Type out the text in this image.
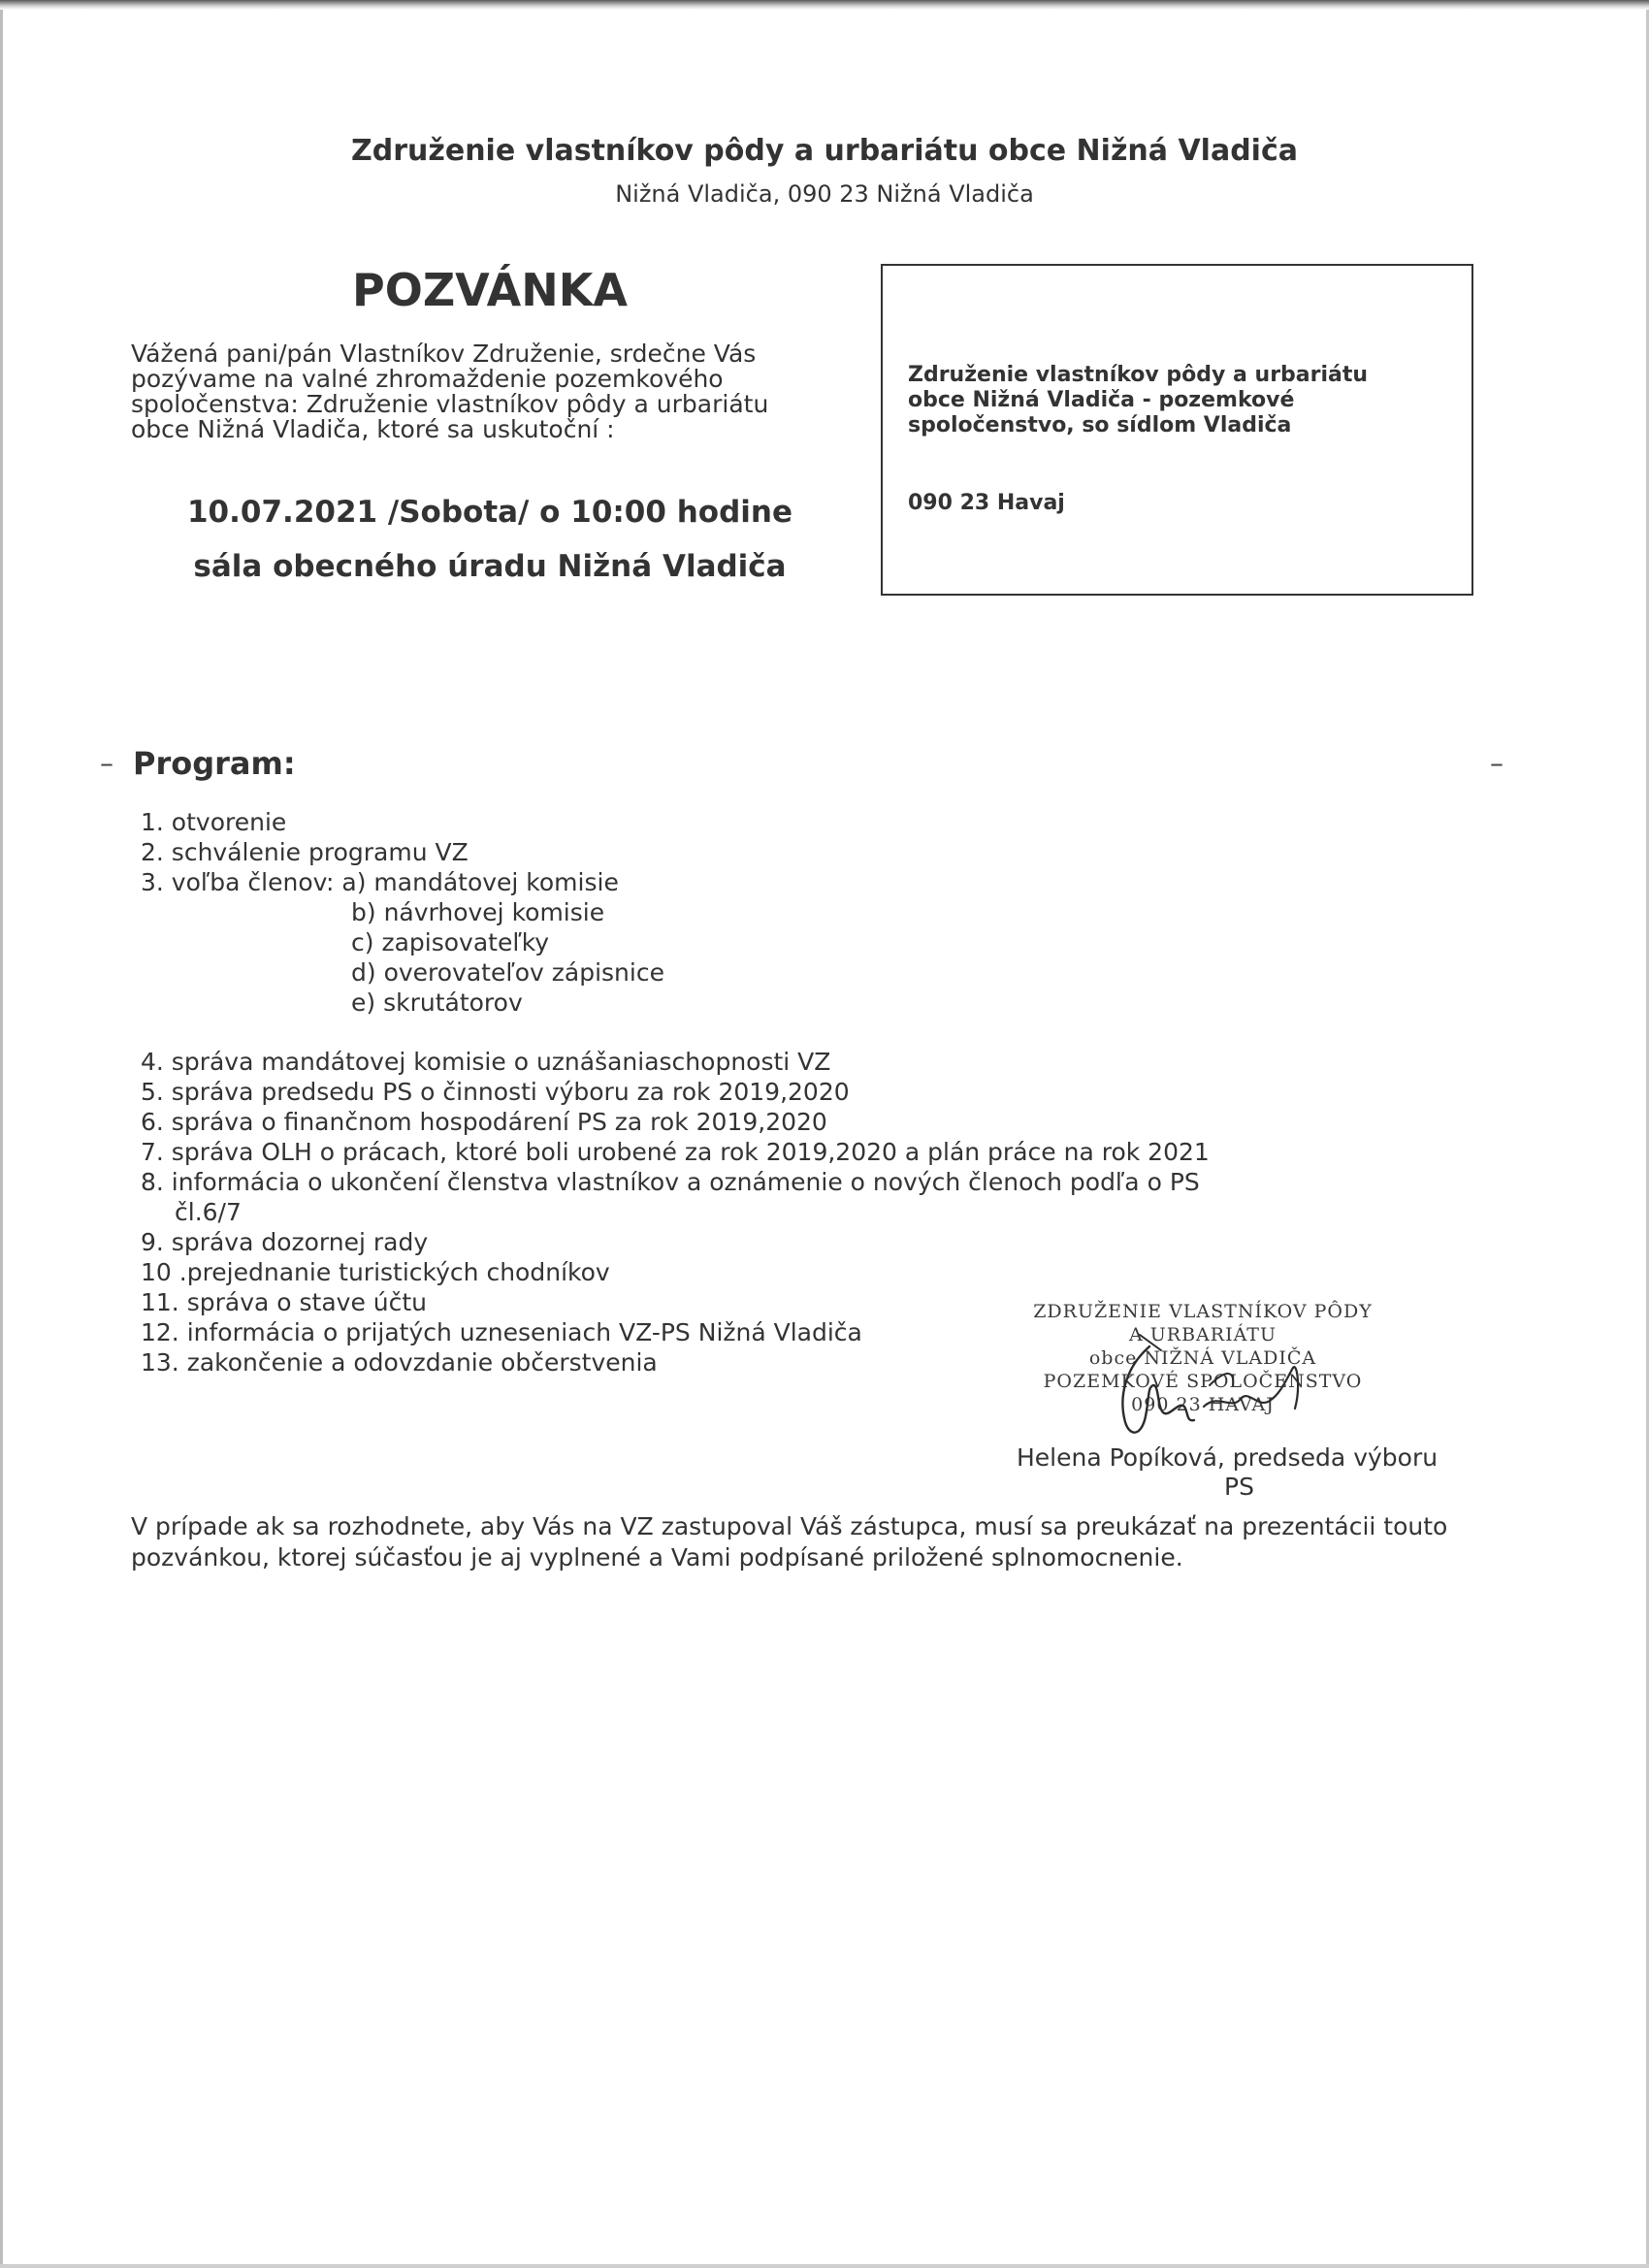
Združenie vlastníkov pôdy a urbariátu obce Nižná Vladiča
Nižná Vladiča, 090 23 Nižná Vladiča
POZVÁNKA
Vážená pani/pán Vlastníkov Združenie, srdečne Vás
pozývame na valné zhromaždenie pozemkového
spoločenstva: Združenie vlastníkov pôdy a urbariátu
obce Nižná Vladiča, ktoré sa uskutoční :
10.07.2021 /Sobota/ o 10:00 hodine
sála obecného úradu Nižná Vladiča
Združenie vlastníkov pôdy a urbariátu
obce Nižná Vladiča - pozemkové
spoločenstvo, so sídlom Vladiča
090 23 Havaj
–	–
Program:
1. otvorenie
2. schválenie programu VZ
3. voľba členov: a) mandátovej komisie
b) návrhovej komisie
c) zapisovateľky
d) overovateľov zápisnice
e) skrutátorov
4. správa mandátovej komisie o uznášaniaschopnosti VZ
5. správa predsedu PS o činnosti výboru za rok 2019,2020
6. správa o finančnom hospodárení PS za rok 2019,2020
7. správa OLH o prácach, ktoré boli urobené za rok 2019,2020 a plán práce na rok 2021
8. informácia o ukončení členstva vlastníkov a oznámenie o nových členoch podľa o PS
čl.6/7
9. správa dozornej rady
10 .prejednanie turistických chodníkov
11. správa o stave účtu
12. informácia o prijatých uzneseniach VZ-PS Nižná Vladiča
13. zakončenie a odovzdanie občerstvenia
ZDRUŽENIE VLASTNÍKOV PÔDY
A URBARIÁTU
obce NIŽNÁ VLADIČA
POZEMKOVÉ SPOLOČENSTVO
090 23 HAVAJ
Helena Popíková, predseda výboru
PS
V prípade ak sa rozhodnete, aby Vás na VZ zastupoval Váš zástupca, musí sa preukázať na prezentácii touto pozvánkou, ktorej súčasťou je aj vyplnené a Vami podpísané priložené splnomocnenie.
